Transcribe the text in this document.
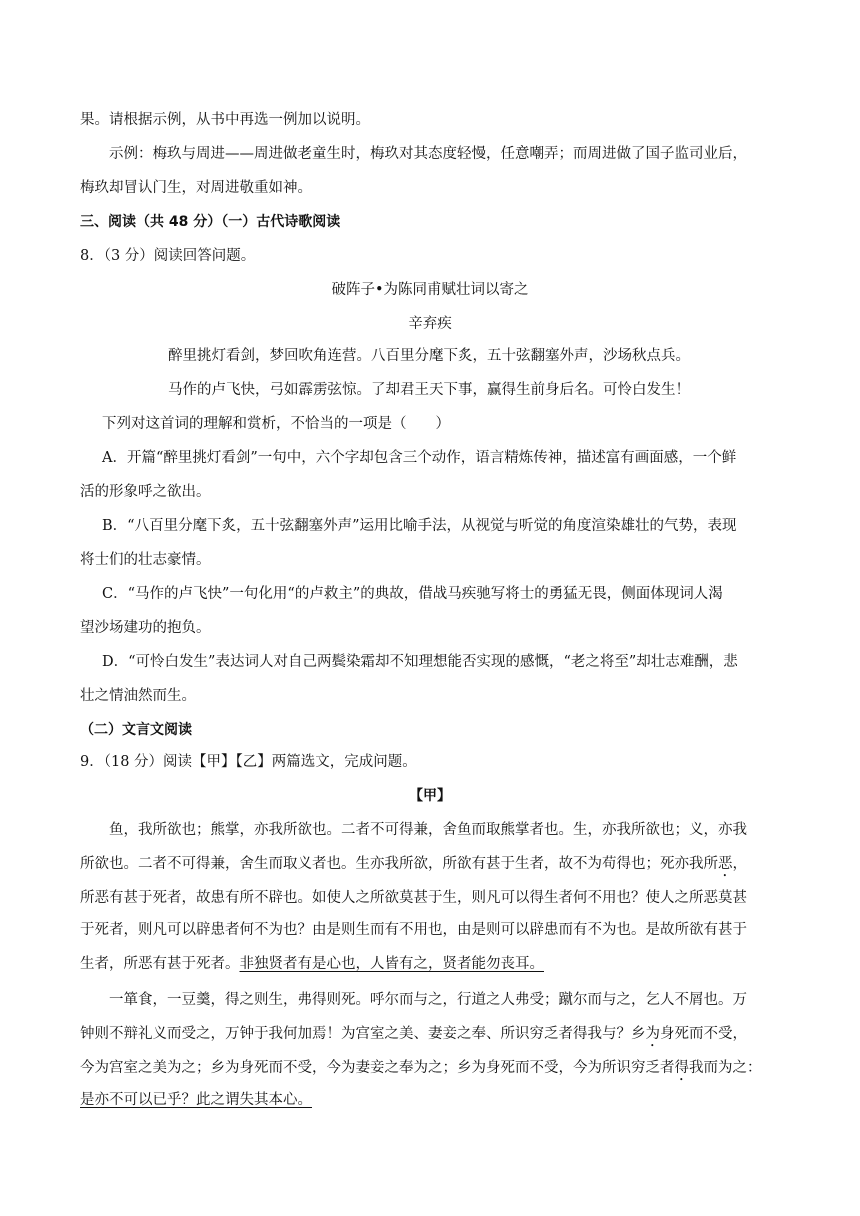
果。请根据示例，从书中再选一例加以说明。
示例：梅玖与周进——周进做老童生时，梅玖对其态度轻慢，任意嘲弄；而周进做了国子监司业后，
梅玖却冒认门生，对周进敬重如神。
三、阅读（共 48 分）（一）古代诗歌阅读
8．（3 分）阅读回答问题。
破阵子•为陈同甫赋壮词以寄之
辛弃疾
醉里挑灯看剑，梦回吹角连营。八百里分麾下炙，五十弦翻塞外声，沙场秋点兵。
马作的卢飞快，弓如霹雳弦惊。了却君王天下事，赢得生前身后名。可怜白发生！
下列对这首词的理解和赏析，不恰当的一项是（　　）
A．开篇“醉里挑灯看剑”一句中，六个字却包含三个动作，语言精炼传神，描述富有画面感，一个鲜
活的形象呼之欲出。
B．“八百里分麾下炙，五十弦翻塞外声”运用比喻手法，从视觉与听觉的角度渲染雄壮的气势，表现
将士们的壮志豪情。
C．“马作的卢飞快”一句化用“的卢救主”的典故，借战马疾驰写将士的勇猛无畏，侧面体现词人渴
望沙场建功的抱负。
D．“可怜白发生”表达词人对自己两鬓染霜却不知理想能否实现的感慨，“老之将至”却壮志难酬，悲
壮之情油然而生。
（二）文言文阅读
9．（18 分）阅读【甲】【乙】两篇选文，完成问题。
【甲】
鱼，我所欲也；熊掌，亦我所欲也。二者不可得兼，舍鱼而取熊掌者也。生，亦我所欲也；义，亦我
所欲也。二者不可得兼，舍生而取义者也。生亦我所欲，所欲有甚于生者，故不为苟得也；死亦我所恶，
所恶有甚于死者，故患有所不辟也。如使人之所欲莫甚于生，则凡可以得生者何不用也？使人之所恶莫甚
于死者，则凡可以辟患者何不为也？由是则生而有不用也，由是则可以辟患而有不为也。是故所欲有甚于
生者，所恶有甚于死者。非独贤者有是心也，人皆有之，贤者能勿丧耳。
一箪食，一豆羹，得之则生，弗得则死。呼尔而与之，行道之人弗受；蹴尔而与之，乞人不屑也。万
钟则不辩礼义而受之，万钟于我何加焉！为宫室之美、妻妾之奉、所识穷乏者得我与？乡为身死而不受，
今为宫室之美为之；乡为身死而不受，今为妻妾之奉为之；乡为身死而不受，今为所识穷乏者得我而为之：
是亦不可以已乎？此之谓失其本心。
